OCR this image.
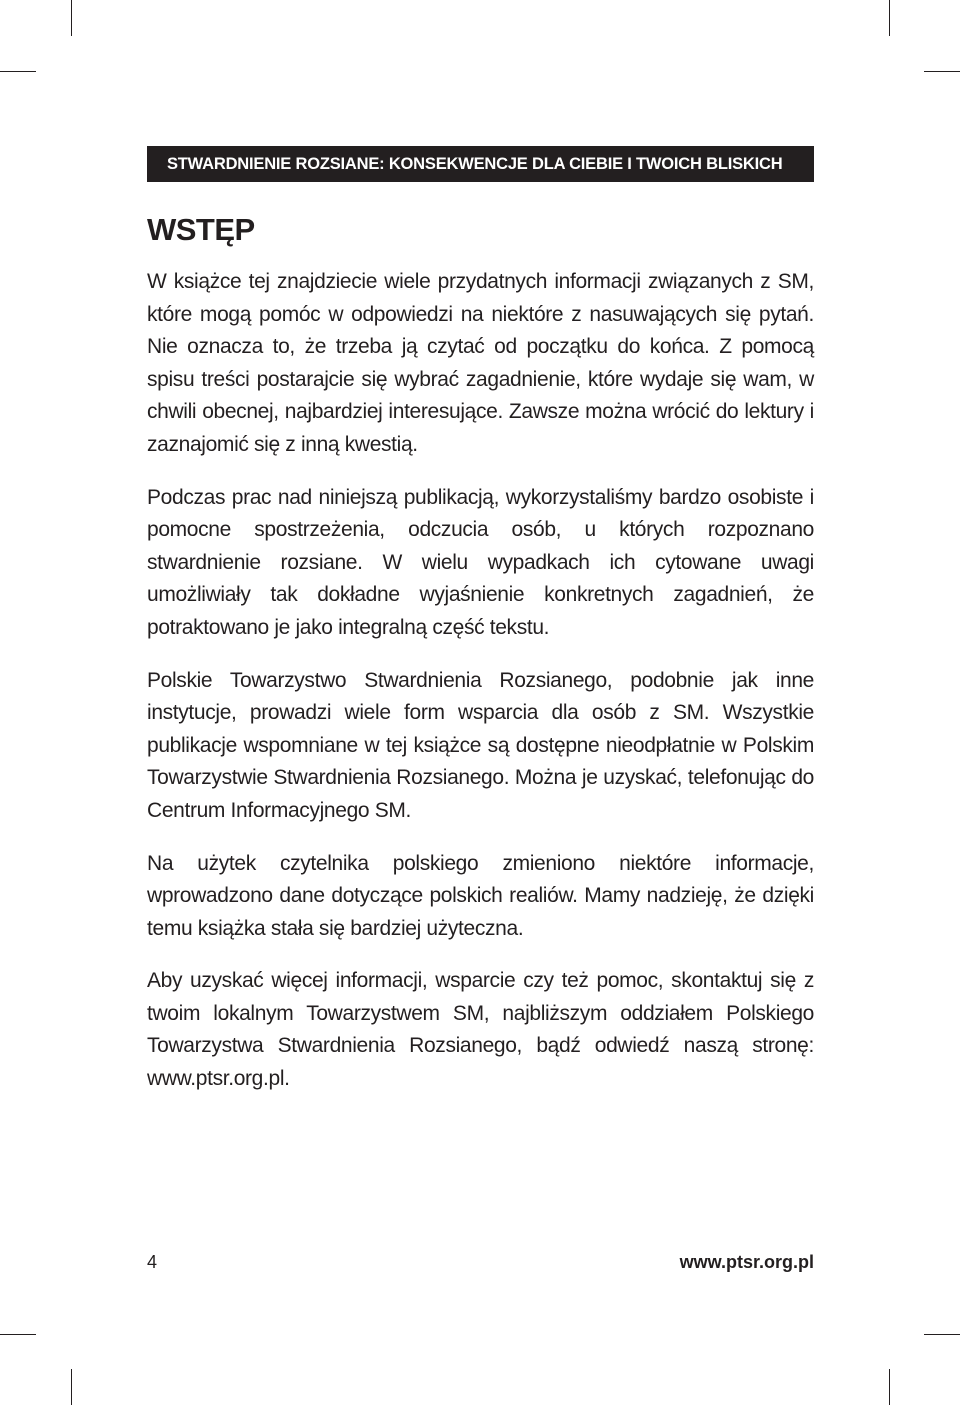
STWARDNIENIE ROZSIANE: KONSEKWENCJE DLA CIEBIE I TWOICH BLISKICH
WSTĘP

W książce tej znajdziecie wiele przydatnych informacji związanych z SM, które mogą pomóc w odpowiedzi na niektóre z nasuwających się pytań. Nie oznacza to, że trzeba ją czytać od początku do końca. Z pomocą spisu treści postarajcie się wybrać zagadnienie, które wydaje się wam, w chwili obecnej, najbardziej interesujące. Zawsze można wrócić do lektury i zaznajomić się z inną kwestią.

Podczas prac nad niniejszą publikacją, wykorzystaliśmy bardzo osobiste i pomocne spostrzeżenia, odczucia osób, u których rozpoznano stwardnienie rozsiane. W wielu wypadkach ich cytowane uwagi umożliwiały tak dokładne wyjaśnienie konkretnych zagadnień, że potraktowano je jako integralną część tekstu.

Polskie Towarzystwo Stwardnienia Rozsianego, podobnie jak inne instytucje, prowadzi wiele form wsparcia dla osób z SM. Wszystkie publikacje wspomniane w tej książce są dostępne nieodpłatnie w Polskim Towarzystwie Stwardnienia Rozsianego. Można je uzyskać, telefonując do Centrum Informacyjnego SM.

Na użytek czytelnika polskiego zmieniono niektóre informacje, wprowadzono dane dotyczące polskich realiów. Mamy nadzieję, że dzięki temu książka stała się bardziej użyteczna.

Aby uzyskać więcej informacji, wsparcie czy też pomoc, skontaktuj się z twoim lokalnym Towarzystwem SM, najbliższym oddziałem Polskiego Towarzystwa Stwardnienia Rozsianego, bądź odwiedź naszą stronę: www.ptsr.org.pl.

4	www.ptsr.org.pl
